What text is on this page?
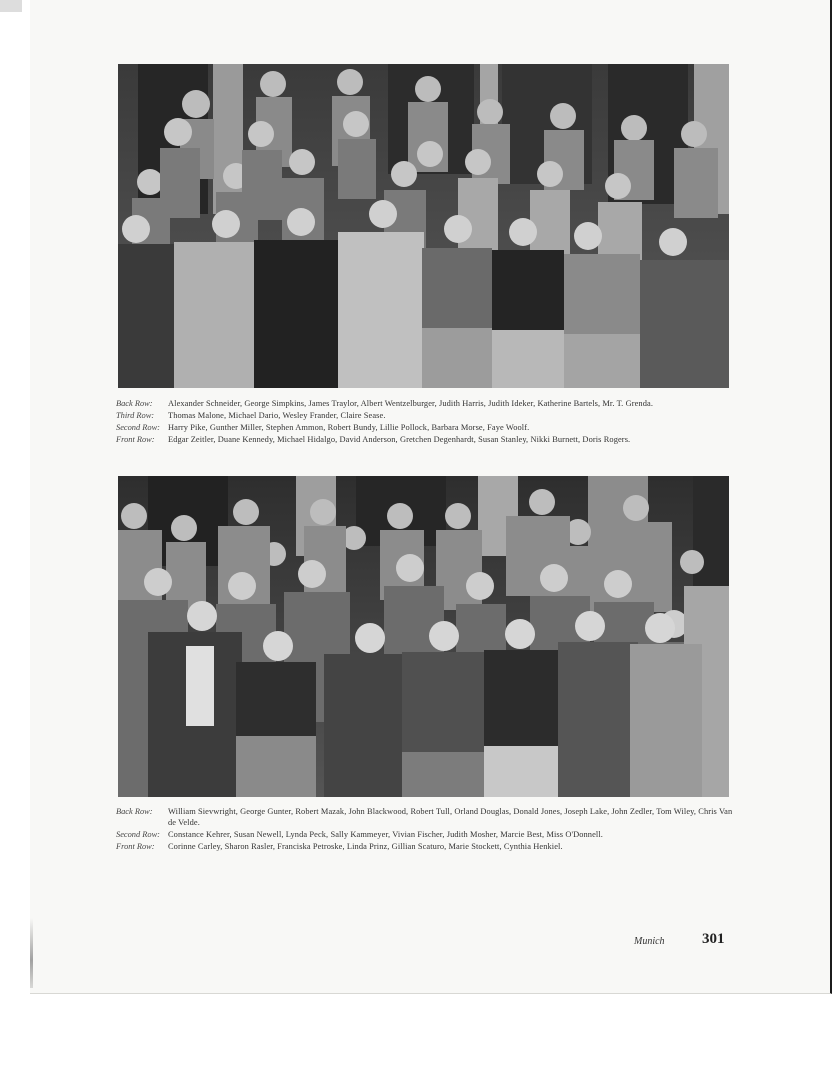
Back Row:	Alexander Schneider, George Simpkins, James Traylor, Albert Wentzelburger, Judith Harris, Judith Ideker, Katherine Bartels, Mr. T. Grenda.
Third Row:	Thomas Malone, Michael Dario, Wesley Frander, Claire Sease.
Second Row: Harry Pike, Gunther Miller, Stephen Ammon, Robert Bundy, Lillie Pollock, Barbara Morse, Faye Woolf.
Front Row:	Edgar Zeitler, Duane Kennedy, Michael Hidalgo, David Anderson, Gretchen Degenhardt, Susan Stanley, Nikki Burnett, Doris Rogers.
Back Row:	William Sievwright, George Gunter, Robert Mazak, John Blackwood, Robert Tull, Orland Douglas, Donald Jones, Joseph Lake, John Zedler, Tom Wiley, Chris Van de Velde.
Second Row: Constance Kehrer, Susan Newell, Lynda Peck, Sally Kammeyer, Vivian Fischer, Judith Mosher, Marcie Best, Miss O'Donnell.
Front Row:	Corinne Carley, Sharon Rasler, Franciska Petroske, Linda Prinz, Gillian Scaturo, Marie Stockett, Cynthia Henkiel.
Munich 301
